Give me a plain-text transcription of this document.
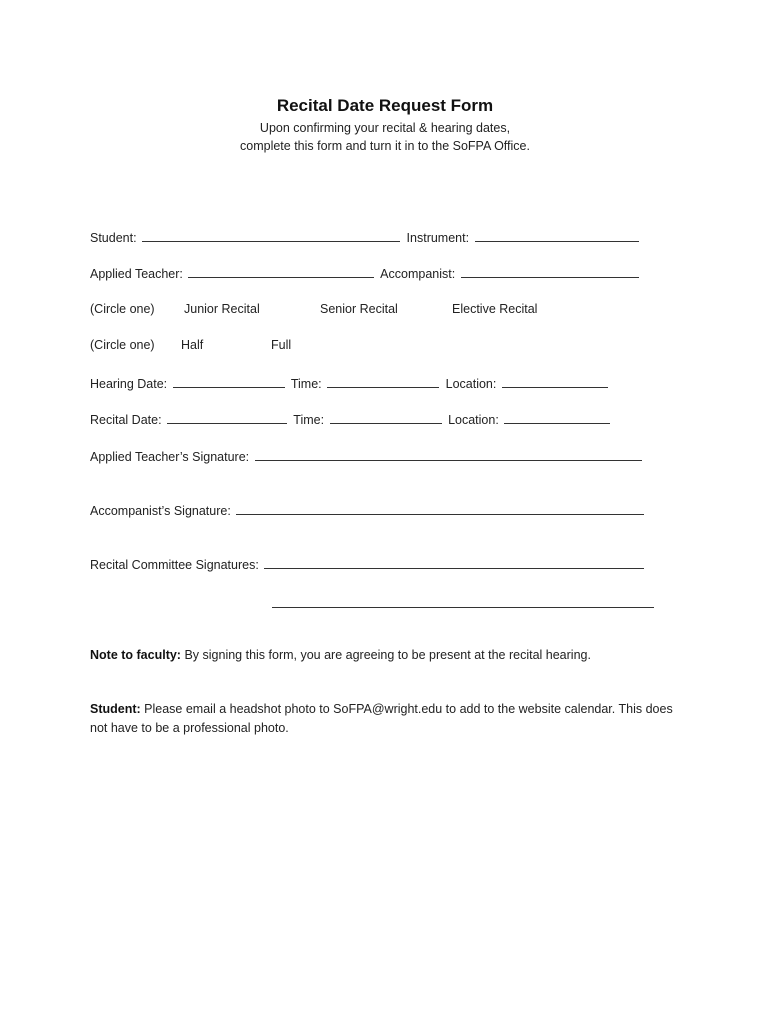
Recital Date Request Form
Upon confirming your recital & hearing dates,
complete this form and turn it in to the SoFPA Office.
Student:	Instrument:
Applied Teacher:	Accompanist:
(Circle one) Junior Recital	Senior Recital	Elective Recital
(Circle one) Half	Full
Hearing Date:	Time:	Location:
Recital Date:	Time:	Location:
Applied Teacher’s Signature:
Accompanist’s Signature:
Recital Committee Signatures:
Note to faculty: By signing this form, you are agreeing to be present at the recital hearing.
Student: Please email a headshot photo to SoFPA@wright.edu to add to the website calendar. This does not have to be a professional photo.
